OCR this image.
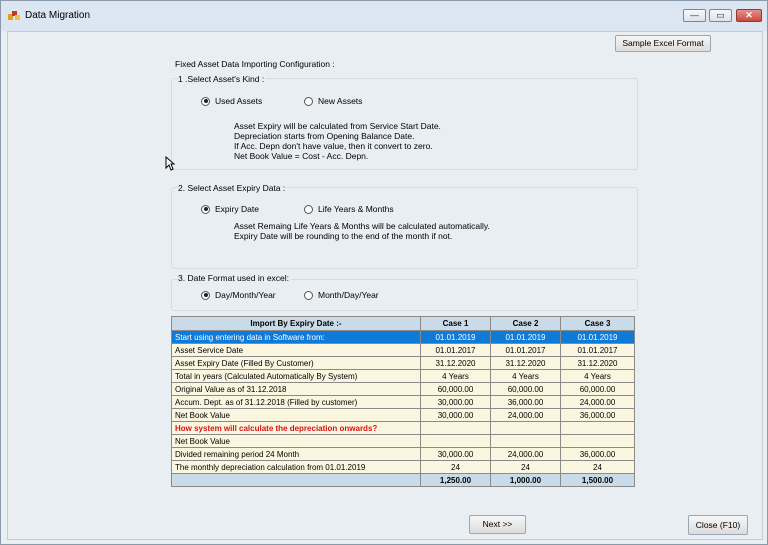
Data Migration	—	▭	✕
Sample Excel Format
Fixed Asset Data Importing Configuration :
1 .Select Asset's Kind :
Used Assets	New Assets
Asset Expiry will be calculated from Service Start Date.
Depreciation starts from Opening Balance Date.
If Acc. Depn don't have value, then it convert to zero.
Net Book Value = Cost - Acc. Depn.
2. Select Asset Expiry Data :
Expiry Date	Life Years & Months
Asset Remaing Life Years & Months will be calculated automatically.
Expiry Date will be rounding to the end of the month if not.
3. Date Format used in excel:
Day/Month/Year	Month/Day/Year
Import By Expiry Date :-	Case 1	Case 2	Case 3
Start using entering data in Software from:	01.01.2019	01.01.2019	01.01.2019
Asset Service Date	01.01.2017	01.01.2017	01.01.2017
Asset Expiry Date (Filled By Customer)	31.12.2020	31.12.2020	31.12.2020
Total in years (Calculated Automatically By System)	4 Years	4 Years	4 Years
Original Value as of 31.12.2018	60,000.00	60,000.00	60,000.00
Accum. Dept. as of 31.12.2018 (Filled by customer)	30,000.00	36,000.00	24,000.00
Net Book Value	30,000.00	24,000.00	36,000.00
How system will calculate the depreciation onwards?			
Net Book Value			
Divided remaining period 24 Month	30,000.00	24,000.00	36,000.00
The monthly depreciation calculation from 01.01.2019	24	24	24
	1,250.00	1,000.00	1,500.00
Next >>	Close (F10)
